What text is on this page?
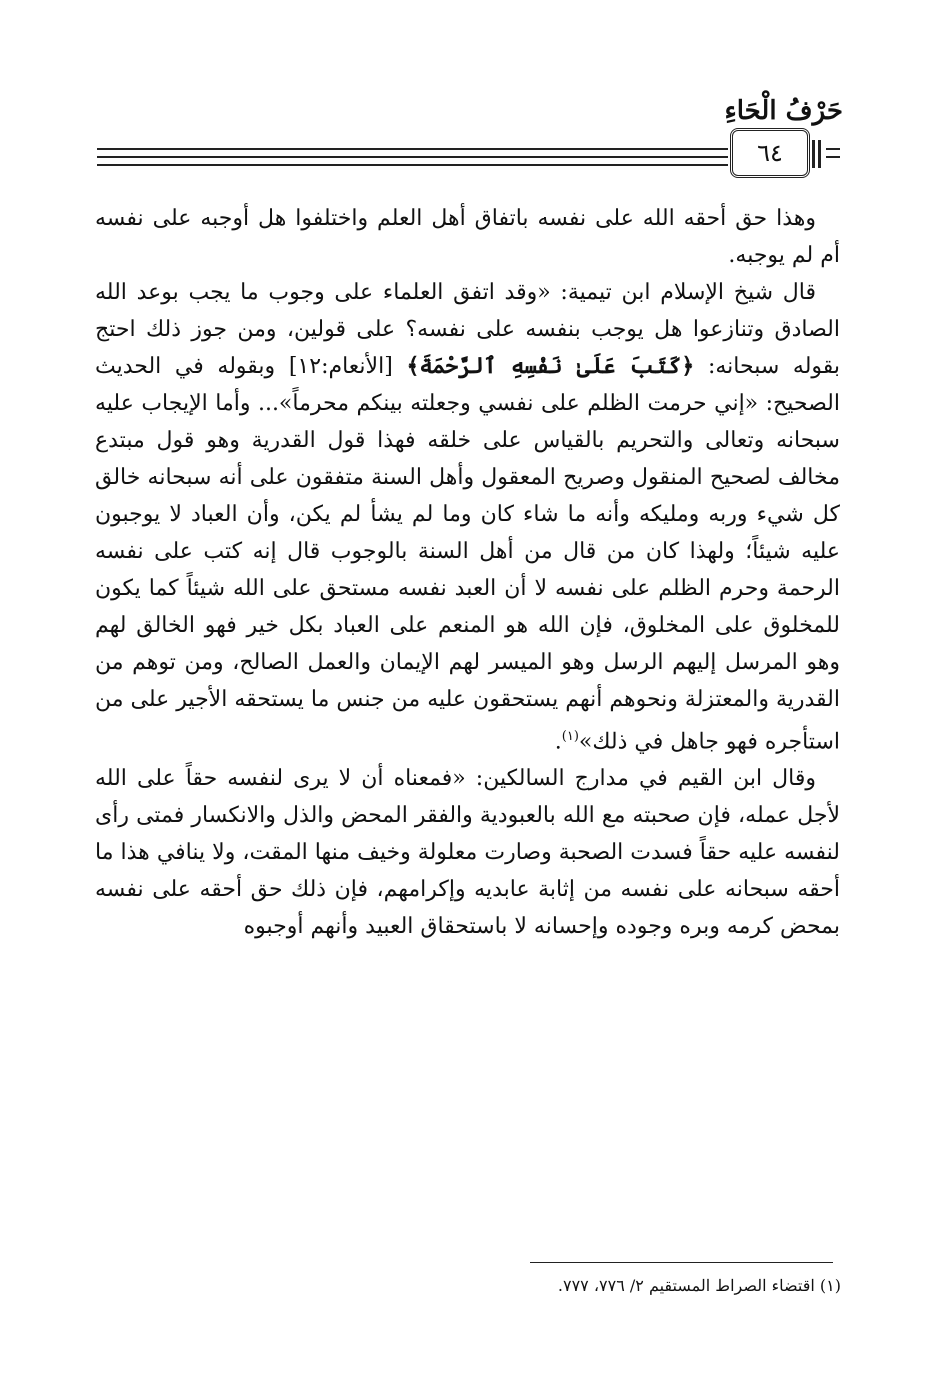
حَرْفُ الْحَاءِ
٦٤

وهذا حق أحقه الله على نفسه باتفاق أهل العلم واختلفوا هل أوجبه على نفسه أم لم يوجبه.

قال شيخ الإسلام ابن تيمية: «وقد اتفق العلماء على وجوب ما يجب بوعد الله الصادق وتنازعوا هل يوجب بنفسه على نفسه؟ على قولين، ومن جوز ذلك احتج بقوله سبحانه: ﴿كَتَبَ عَلَىٰ نَفْسِهِ ٱلرَّحْمَةَ﴾ [الأنعام:١٢] وبقوله في الحديث الصحيح: «إني حرمت الظلم على نفسي وجعلته بينكم محرماً»... وأما الإيجاب عليه سبحانه وتعالى والتحريم بالقياس على خلقه فهذا قول القدرية وهو قول مبتدع مخالف لصحيح المنقول وصريح المعقول وأهل السنة متفقون على أنه سبحانه خالق كل شيء وربه ومليكه وأنه ما شاء كان وما لم يشأ لم يكن، وأن العباد لا يوجبون عليه شيئاً؛ ولهذا كان من قال من أهل السنة بالوجوب قال إنه كتب على نفسه الرحمة وحرم الظلم على نفسه لا أن العبد نفسه مستحق على الله شيئاً كما يكون للمخلوق على المخلوق، فإن الله هو المنعم على العباد بكل خير فهو الخالق لهم وهو المرسل إليهم الرسل وهو الميسر لهم الإيمان والعمل الصالح، ومن توهم من القدرية والمعتزلة ونحوهم أنهم يستحقون عليه من جنس ما يستحقه الأجير على من استأجره فهو جاهل في ذلك»$^{(١)}$.

وقال ابن القيم في مدارج السالكين: «فمعناه أن لا يرى لنفسه حقاً على الله لأجل عمله، فإن صحبته مع الله بالعبودية والفقر المحض والذل والانكسار فمتى رأى لنفسه عليه حقاً فسدت الصحبة وصارت معلولة وخيف منها المقت، ولا ينافي هذا ما أحقه سبحانه على نفسه من إثابة عابديه وإكرامهم، فإن ذلك حق أحقه على نفسه بمحض كرمه وبره وجوده وإحسانه لا باستحقاق العبيد وأنهم أوجبوه

(١) اقتضاء الصراط المستقيم ٢/ ٧٧٦، ٧٧٧.
